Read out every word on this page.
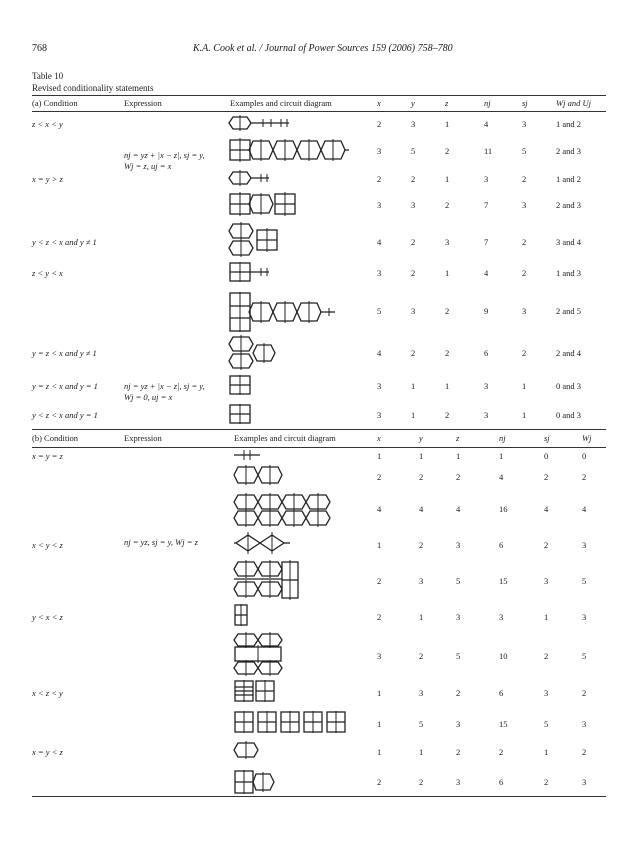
768	K.A. Cook et al. / Journal of Power Sources 159 (2006) 758–780
Table 10
Revised conditionality statements
(a) Condition	Expression	Examples and circuit diagram	x	y	z	nj	sj	Wj and Uj
z < x < y	2	3	1	4	3	1 and 2
3	5	2	11	5	2 and 3
nj = yz + |x − z|, sj = y,
Wj = z, uj = x
x = y > z	2	2	1	3	2	1 and 2
3	3	2	7	3	2 and 3
y < z < x and y ≠ 1	4	2	3	7	2	3 and 4
z < y < x	3	2	1	4	2	1 and 3
5	3	2	9	3	2 and 5
y = z < x and y ≠ 1	4	2	2	6	2	2 and 4
y = z < x and y = 1	3	1	1	3	1	0 and 3
nj = yz + |x − z|, sj = y,
Wj = 0, uj = x
y < z < x and y = 1	3	1	2	3	1	0 and 3
(b) Condition	Expression	Examples and circuit diagram	x	y	z	nj	sj	Wj
x = y = z	1	1	1	1	0	0
2	2	2	4	2	2
4	4	4	16	4	4
x < y < z	1	2	3	6	2	3
nj = yz, sj = y, Wj = z
2	3	5	15	3	5
y < x < z	2	1	3	3	1	3
3	2	5	10	2	5
x < z < y	1	3	2	6	3	2
1	5	3	15	5	3
x = y < z	1	1	2	2	1	2
2	2	3	6	2	3
